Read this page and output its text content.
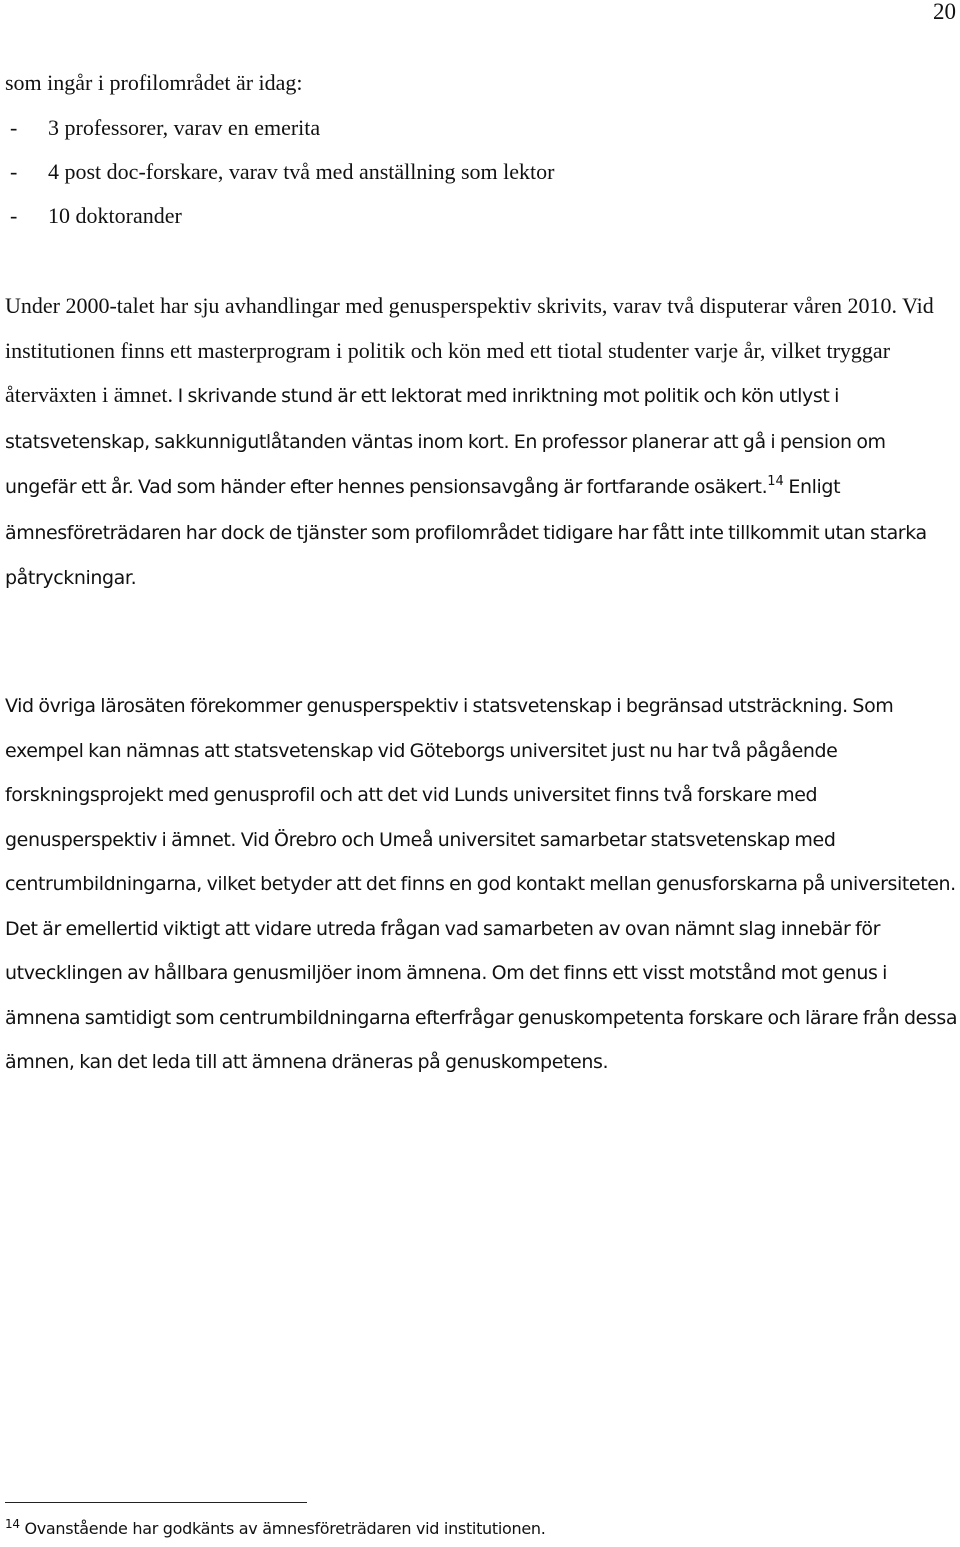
20
som ingår i profilområdet är idag:
- 3 professorer, varav en emerita
- 4 post doc-forskare, varav två med anställning som lektor
- 10 doktorander

Under 2000-talet har sju avhandlingar med genusperspektiv skrivits, varav två disputerar våren 2010. Vid institutionen finns ett masterprogram i politik och kön med ett tiotal studenter varje år, vilket tryggar återväxten i ämnet. I skrivande stund är ett lektorat med inriktning mot politik och kön utlyst i statsvetenskap, sakkunnigutlåtanden väntas inom kort. En professor planerar att gå i pension om ungefär ett år. Vad som händer efter hennes pensionsavgång är fortfarande osäkert.$^{14}$ Enligt ämnesföreträdaren har dock de tjänster som profilområdet tidigare har fått inte tillkommit utan starka påtryckningar.

Vid övriga lärosäten förekommer genusperspektiv i statsvetenskap i begränsad utsträckning. Som exempel kan nämnas att statsvetenskap vid Göteborgs universitet just nu har två pågående forskningsprojekt med genusprofil och att det vid Lunds universitet finns två forskare med genusperspektiv i ämnet. Vid Örebro och Umeå universitet samarbetar statsvetenskap med centrumbildningarna, vilket betyder att det finns en god kontakt mellan genusforskarna på universiteten. Det är emellertid viktigt att vidare utreda frågan vad samarbeten av ovan nämnt slag innebär för utvecklingen av hållbara genusmiljöer inom ämnena. Om det finns ett visst motstånd mot genus i ämnena samtidigt som centrumbildningarna efterfrågar genuskompetenta forskare och lärare från dessa ämnen, kan det leda till att ämnena dräneras på genuskompetens.

$^{14}$ Ovanstående har godkänts av ämnesföreträdaren vid institutionen.
